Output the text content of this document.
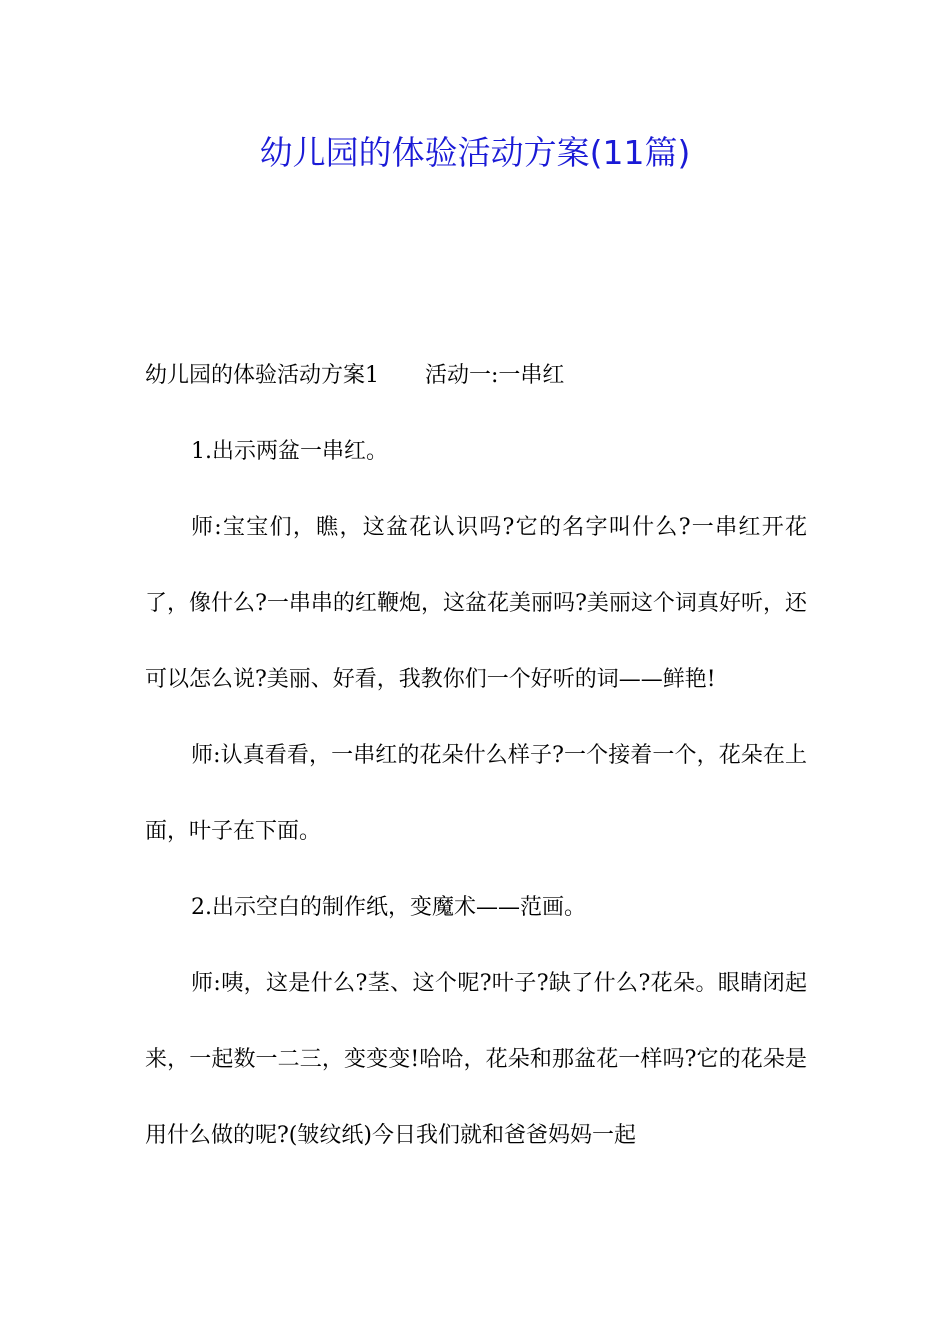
幼儿园的体验活动方案(11篇)

幼儿园的体验活动方案1 活动一:一串红

1.出示两盆一串红。

师:宝宝们，瞧，这盆花认识吗?它的名字叫什么?一串红开花了，像什么?一串串的红鞭炮，这盆花美丽吗?美丽这个词真好听，还可以怎么说?美丽、好看，我教你们一个好听的词——鲜艳!

师:认真看看，一串红的花朵什么样子?一个接着一个，花朵在上面，叶子在下面。

2.出示空白的制作纸，变魔术——范画。

师:咦，这是什么?茎、这个呢?叶子?缺了什么?花朵。眼睛闭起来，一起数一二三，变变变!哈哈，花朵和那盆花一样吗?它的花朵是用什么做的呢?(皱纹纸)今日我们就和爸爸妈妈一起
